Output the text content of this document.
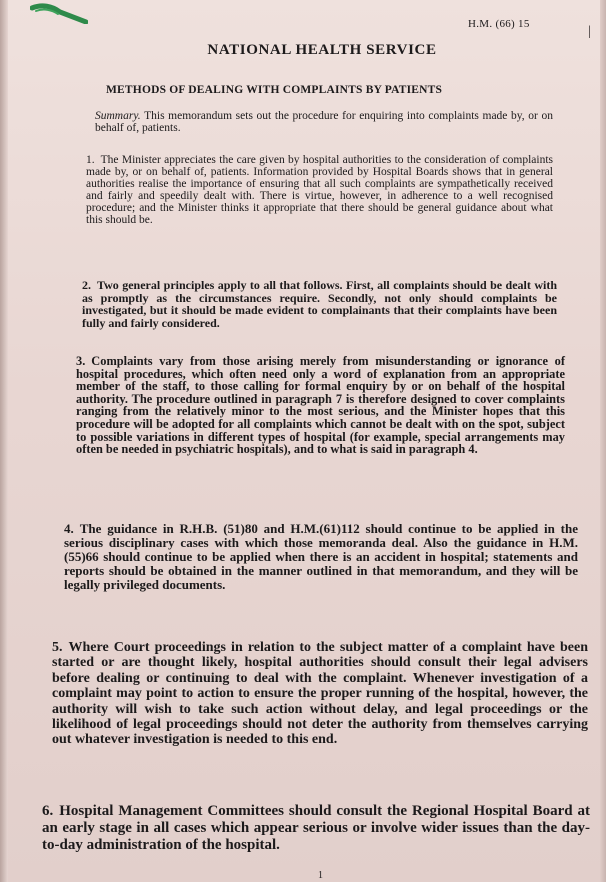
|
H.M. (66) 15
NATIONAL HEALTH SERVICE
METHODS OF DEALING WITH COMPLAINTS BY PATIENTS
Summary. This memorandum sets out the procedure for enquiring into complaints made by, or on behalf of, patients.
1. The Minister appreciates the care given by hospital authorities to the consideration of complaints made by, or on behalf of, patients. Information provided by Hospital Boards shows that in general authorities realise the importance of ensuring that all such complaints are sympathetically received and fairly and speedily dealt with. There is virtue, however, in adherence to a well recognised procedure; and the Minister thinks it appropriate that there should be general guidance about what this should be.
2. Two general principles apply to all that follows. First, all complaints should be dealt with as promptly as the circumstances require. Secondly, not only should complaints be investigated, but it should be made evident to complainants that their complaints have been fully and fairly considered.
3. Complaints vary from those arising merely from misunderstanding or ignorance of hospital procedures, which often need only a word of explanation from an appropriate member of the staff, to those calling for formal enquiry by or on behalf of the hospital authority. The procedure outlined in paragraph 7 is therefore designed to cover complaints ranging from the relatively minor to the most serious, and the Minister hopes that this procedure will be adopted for all complaints which cannot be dealt with on the spot, subject to possible variations in different types of hospital (for example, special arrangements may often be needed in psychiatric hospitals), and to what is said in paragraph 4.
4. The guidance in R.H.B. (51)80 and H.M.(61)112 should continue to be applied in the serious disciplinary cases with which those memoranda deal. Also the guidance in H.M.(55)66 should continue to be applied when there is an accident in hospital; statements and reports should be obtained in the manner outlined in that memorandum, and they will be legally privileged documents.
5. Where Court proceedings in relation to the subject matter of a complaint have been started or are thought likely, hospital authorities should consult their legal advisers before dealing or continuing to deal with the complaint. Whenever investigation of a complaint may point to action to ensure the proper running of the hospital, however, the authority will wish to take such action without delay, and legal proceedings or the likelihood of legal proceedings should not deter the authority from themselves carrying out whatever investigation is needed to this end.
6. Hospital Management Committees should consult the Regional Hospital Board at an early stage in all cases which appear serious or involve wider issues than the day-to-day administration of the hospital.
1
